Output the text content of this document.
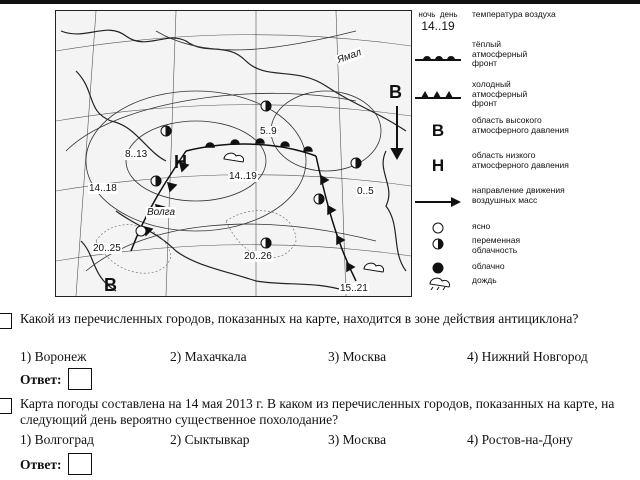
8..13
5..9
14..19
14..18
20..25
20..26
0..5
15..21
Волга
Ямал
Н
В
В
ночь день
14..19
температура воздуха
тёплый атмосферный фронт
холодный атмосферный фронт
В
область высокого атмосферного давления
Н
область низкого атмосферного давления
направление движения воздушных масс
ясно
переменная облачность
облачно
дождь
Какой из перечисленных городов, показанных на карте, находится в зоне действия антициклона?
1) Воронеж	2) Махачкала	3) Москва	4) Нижний Новгород
Ответ:
Карта погоды составлена на 14 мая 2013 г. В каком из перечисленных городов, показанных на карте, на следующий день вероятно существенное похолодание?
1) Волгоград	2) Сыктывкар	3) Москва	4) Ростов-на-Дону
Ответ:
